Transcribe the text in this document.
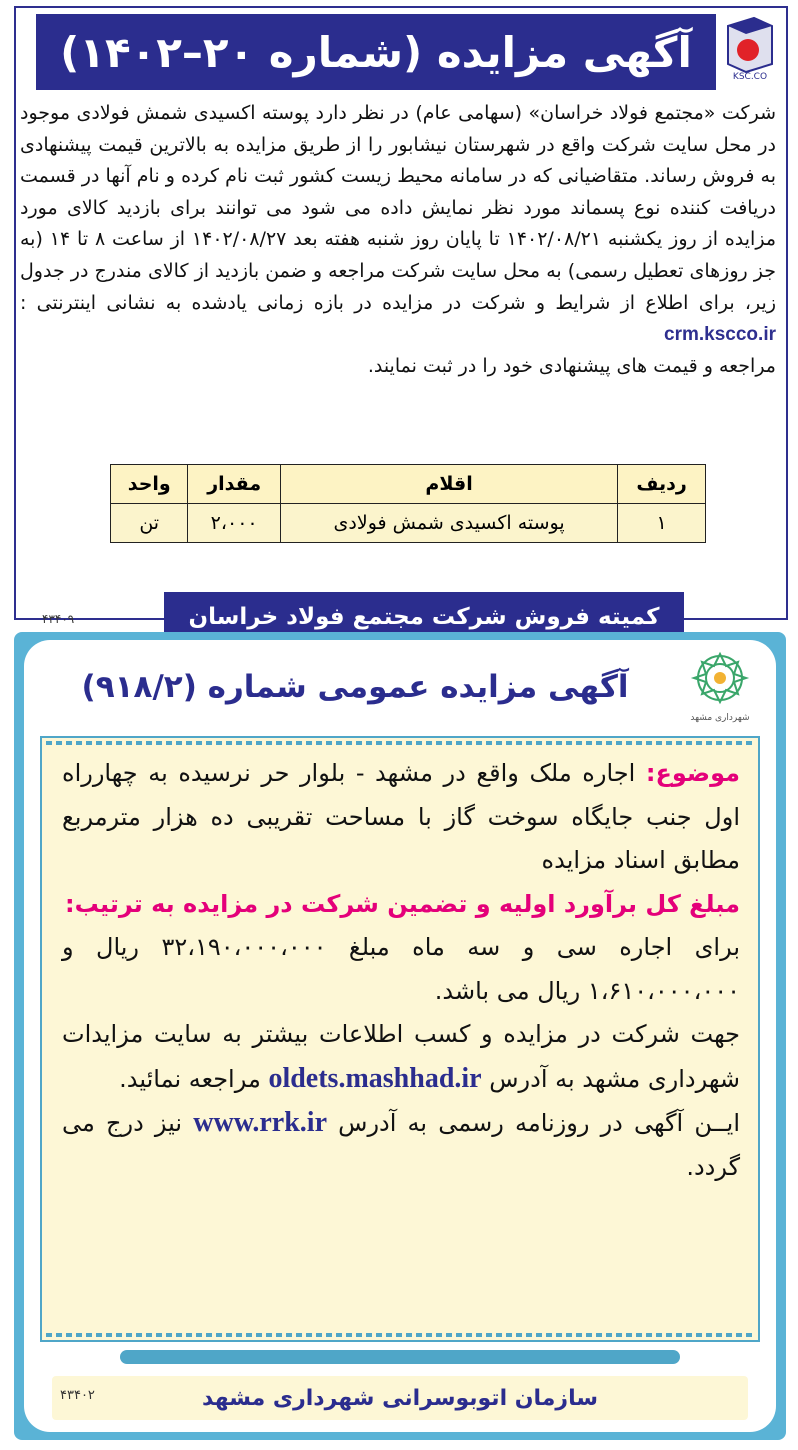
آگهی مزایده (شماره ۲۰–۱۴۰۲)
KSC.CO

شرکت «مجتمع فولاد خراسان» (سهامی عام) در نظر دارد پوسته اکسیدی شمش فولادی موجود در محل سایت شرکت واقع در شهرستان نیشابور را از طریق مزایده به بالاترین قیمت پیشنهادی به فروش رساند. متقاضیانی که در سامانه محیط زیست کشور ثبت نام کرده و نام آنها در قسمت دریافت کننده نوع پسماند مورد نظر نمایش داده می شود می توانند برای بازدید کالای مورد مزایده از روز یکشنبه ۱۴۰۲/۰۸/۲۱ تا پایان روز شنبه هفته بعد ۱۴۰۲/۰۸/۲۷ از ساعت ۸ تا ۱۴ (به جز روزهای تعطیل رسمی) به محل سایت شرکت مراجعه و ضمن بازدید از کالای مندرج در جدول زیر، برای اطلاع از شرایط و شرکت در مزایده در بازه زمانی یادشده به نشانی اینترنتی : crm.kscco.ir

مراجعه و قیمت های پیشنهادی خود را در ثبت نمایند.

ردیف	اقلام	مقدار	واحد
۱	پوسته اکسیدی شمش فولادی	۲،۰۰۰	تن
کمیته فروش شرکت مجتمع فولاد خراسان
۴۳۴۰۹
آگهی مزایده عمومی شماره (۹۱۸/۲)
شهرداری مشهد

موضوع: اجاره ملک واقع در مشهد - بلوار حر نرسیده به چهارراه اول جنب جایگاه سوخت گاز با مساحت تقریبی ده هزار مترمربع مطابق اسناد مزایده

مبلغ کل برآورد اولیه و تضمین شرکت در مزایده به ترتیب:

برای اجاره سی و سه ماه مبلغ ۳۲،۱۹۰،۰۰۰،۰۰۰ ریال و ۱،۶۱۰،۰۰۰،۰۰۰ ریال می باشد.

جهت شرکت در مزایده و کسب اطلاعات بیشتر به سایت مزایدات شهرداری مشهد به آدرس oldets.mashhad.ir مراجعه نمائید.

ایــن آگهی در روزنامه رسمی به آدرس www.rrk.ir نیز درج می گردد.

سازمان اتوبوسرانی شهرداری مشهد
۴۳۴۰۲
